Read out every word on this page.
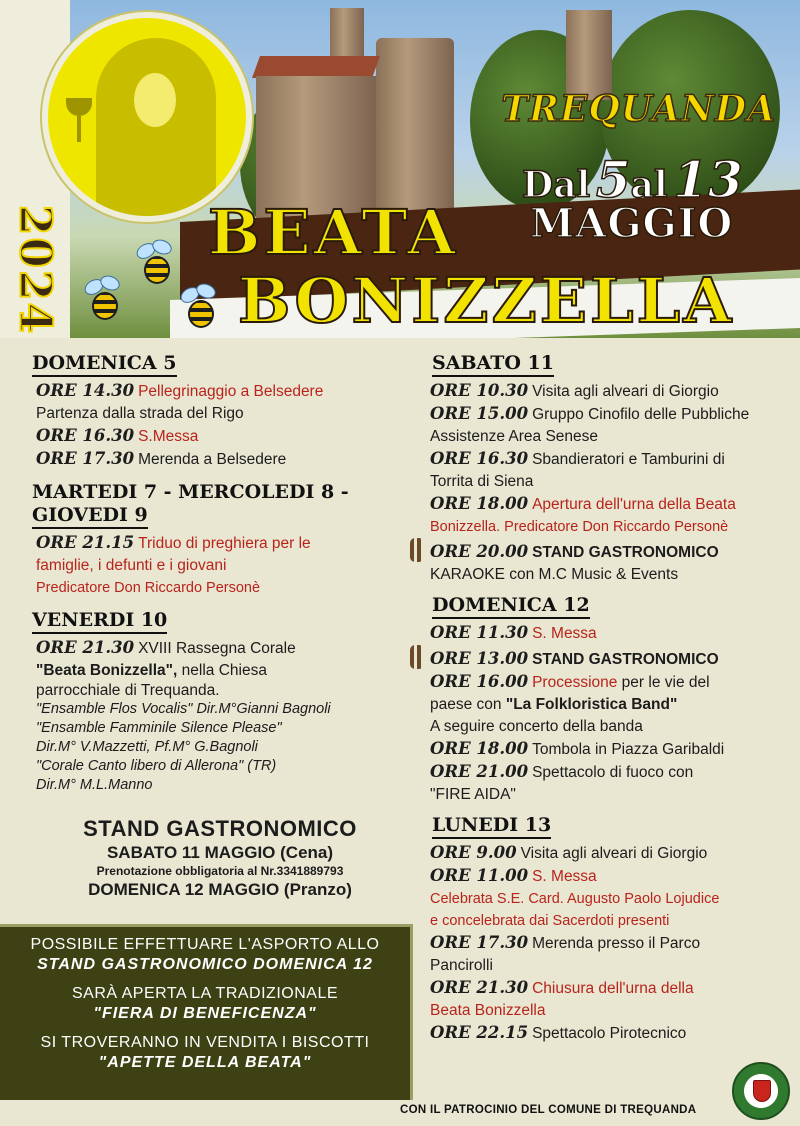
2024
TREQUANDA
Dal 5al 13
MAGGIO
BEATA
BONIZZELLA
DOMENICA 5
ORE 14.30 Pellegrinaggio a Belsedere
Partenza dalla strada del Rigo
ORE 16.30 S.Messa
ORE 17.30 Merenda a Belsedere
MARTEDI 7 - MERCOLEDI 8 -
GIOVEDI 9
ORE 21.15 Triduo di preghiera per le
famiglie, i defunti e i giovani
Predicatore Don Riccardo Personè
VENERDI 10
ORE 21.30 XVIII Rassegna Corale
"Beata Bonizzella", nella Chiesa
parrocchiale di Trequanda.
"Ensamble Flos Vocalis" Dir.M°Gianni Bagnoli
"Ensamble Famminile Silence Please"
Dir.M° V.Mazzetti, Pf.M° G.Bagnoli
"Corale Canto libero di Allerona" (TR)
Dir.M° M.L.Manno
STAND GASTRONOMICO
SABATO 11 MAGGIO (Cena)
Prenotazione obbligatoria al Nr.3341889793
DOMENICA 12 MAGGIO (Pranzo)
POSSIBILE EFFETTUARE L'ASPORTO ALLO
STAND GASTRONOMICO DOMENICA 12
SARÀ APERTA LA TRADIZIONALE
"FIERA DI BENEFICENZA"
SI TROVERANNO IN VENDITA I BISCOTTI
"APETTE DELLA BEATA"
SABATO 11
ORE 10.30 Visita agli alveari di Giorgio
ORE 15.00 Gruppo Cinofilo delle Pubbliche
Assistenze Area Senese
ORE 16.30 Sbandieratori e Tamburini di
Torrita di Siena
ORE 18.00 Apertura dell'urna della Beata
Bonizzella. Predicatore Don Riccardo Personè
ORE 20.00 STAND GASTRONOMICO
KARAOKE con M.C Music & Events
DOMENICA 12
ORE 11.30 S. Messa
ORE 13.00 STAND GASTRONOMICO
ORE 16.00 Processione per le vie del
paese con "La Folkloristica Band"
A seguire concerto della banda
ORE 18.00 Tombola in Piazza Garibaldi
ORE 21.00 Spettacolo di fuoco con
"FIRE AIDA"
LUNEDI 13
ORE 9.00 Visita agli alveari di Giorgio
ORE 11.00 S. Messa
Celebrata S.E. Card. Augusto Paolo Lojudice
e concelebrata dai Sacerdoti presenti
ORE 17.30 Merenda presso il Parco
Pancirolli
ORE 21.30 Chiusura dell'urna della
Beata Bonizzella
ORE 22.15 Spettacolo Pirotecnico
CON IL PATROCINIO DEL COMUNE DI TREQUANDA
